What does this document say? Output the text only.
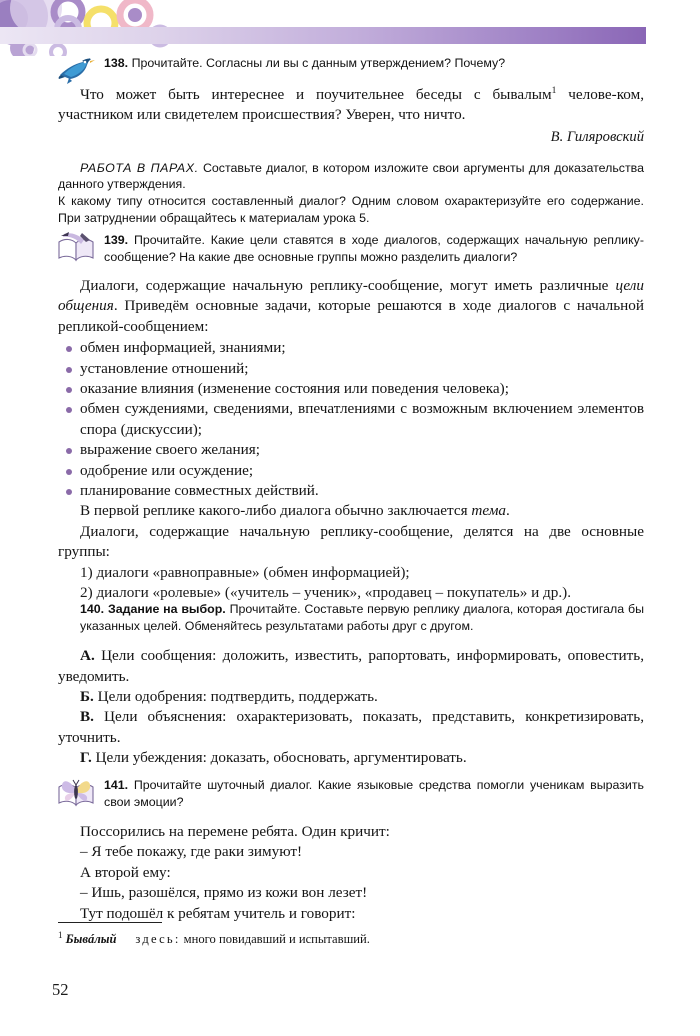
138. Прочитайте. Согласны ли вы с данным утверждением? Почему?

Что может быть интереснее и поучительнее беседы с бывалым$^1$ челове-ком, участником или свидетелем происшествия? Уверен, что ничто.

В. Гиляровский

РАБОТА В ПАРАХ. Составьте диалог, в котором изложите свои аргументы для доказательства данного утверждения.

К какому типу относится составленный диалог? Одним словом охарактеризуйте его содержание. При затруднении обращайтесь к материалам урока 5.

139. Прочитайте. Какие цели ставятся в ходе диалогов, содержащих начальную реплику-сообщение? На какие две основные группы можно разделить диалоги?

Диалоги, содержащие начальную реплику-сообщение, могут иметь различные цели общения. Приведём основные задачи, которые решаются в ходе диалогов с начальной репликой-сообщением:

обмен информацией, знаниями;
установление отношений;
оказание влияния (изменение состояния или поведения человека);
обмен суждениями, сведениями, впечатлениями с возможным включением элементов спора (дискуссии);
выражение своего желания;
одобрение или осуждение;
планирование совместных действий.

В первой реплике какого-либо диалога обычно заключается тема.

Диалоги, содержащие начальную реплику-сообщение, делятся на две основные группы:

1) диалоги «равноправные» (обмен информацией);
2) диалоги «ролевые» («учитель – ученик», «продавец – покупатель» и др.).

140. Задание на выбор. Прочитайте. Составьте первую реплику диалога, которая достигала бы указанных целей. Обменяйтесь результатами работы друг с другом.

А. Цели сообщения: доложить, известить, рапортовать, информировать, оповестить, уведомить.

Б. Цели одобрения: подтвердить, поддержать.

В. Цели объяснения: охарактеризовать, показать, представить, конкретизировать, уточнить.

Г. Цели убеждения: доказать, обосновать, аргументировать.

141. Прочитайте шуточный диалог. Какие языковые средства помогли ученикам выразить свои эмоции?

Поссорились на перемене ребята. Один кричит:

– Я тебе покажу, где раки зимуют!

А второй ему:

– Ишь, разошёлся, прямо из кожи вон лезет!

Тут подошёл к ребятам учитель и говорит:

$^1$ Бывáлый здесь: много повидавший и испытавший.
52
